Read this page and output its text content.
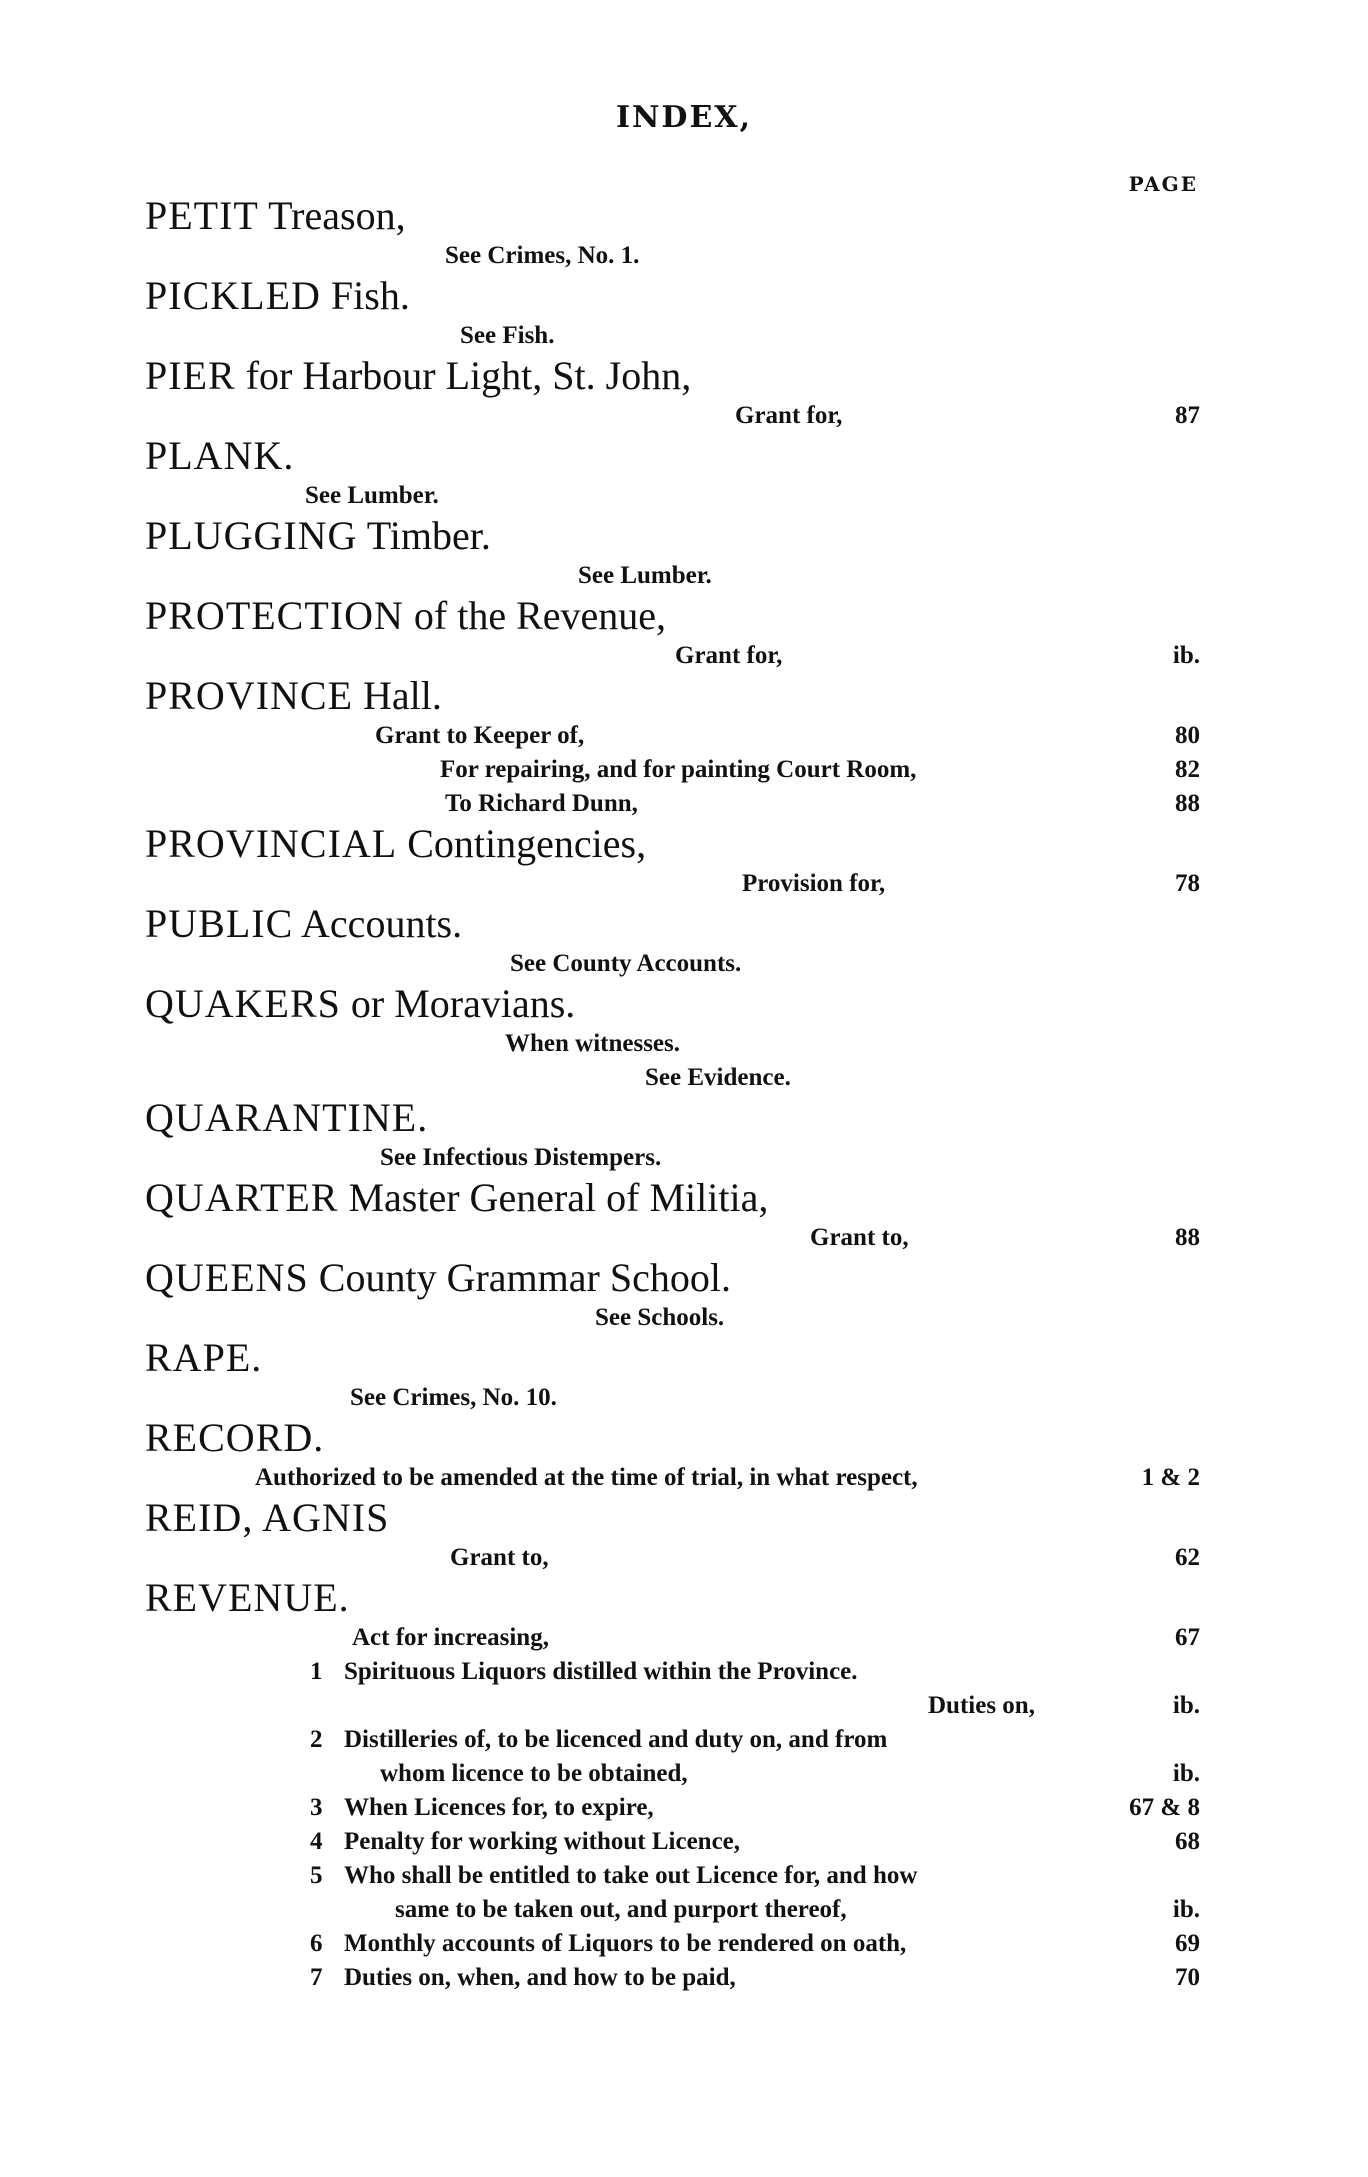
INDEX,
PAGE
PETIT Treason,
See Crimes, No. 1.
PICKLED Fish.
See Fish.
PIER for Harbour Light, St. John,
Grant for,	87
PLANK.
See Lumber.
PLUGGING Timber.
See Lumber.
PROTECTION of the Revenue,
Grant for,	ib.
PROVINCE Hall.
Grant to Keeper of,	80
For repairing, and for painting Court Room,	82
To Richard Dunn,	88
PROVINCIAL Contingencies,
Provision for,	78
PUBLIC Accounts.
See County Accounts.
QUAKERS or Moravians.
When witnesses.
See Evidence.
QUARANTINE.
See Infectious Distempers.
QUARTER Master General of Militia,
Grant to,	88
QUEENS County Grammar School.
See Schools.
RAPE.
See Crimes, No. 10.
RECORD.
Authorized to be amended at the time of trial, in what respect,	1 & 2
REID, AGNIS
Grant to,	62
REVENUE.
Act for increasing,	67
1 Spirituous Liquors distilled within the Province.
Duties on,	ib.
2 Distilleries of, to be licenced and duty on, and from
whom licence to be obtained,	ib.
3 When Licences for, to expire,	67 & 8
4 Penalty for working without Licence,	68
5 Who shall be entitled to take out Licence for, and how
same to be taken out, and purport thereof,	ib.
6 Monthly accounts of Liquors to be rendered on oath,	69
7 Duties on, when, and how to be paid,	70
